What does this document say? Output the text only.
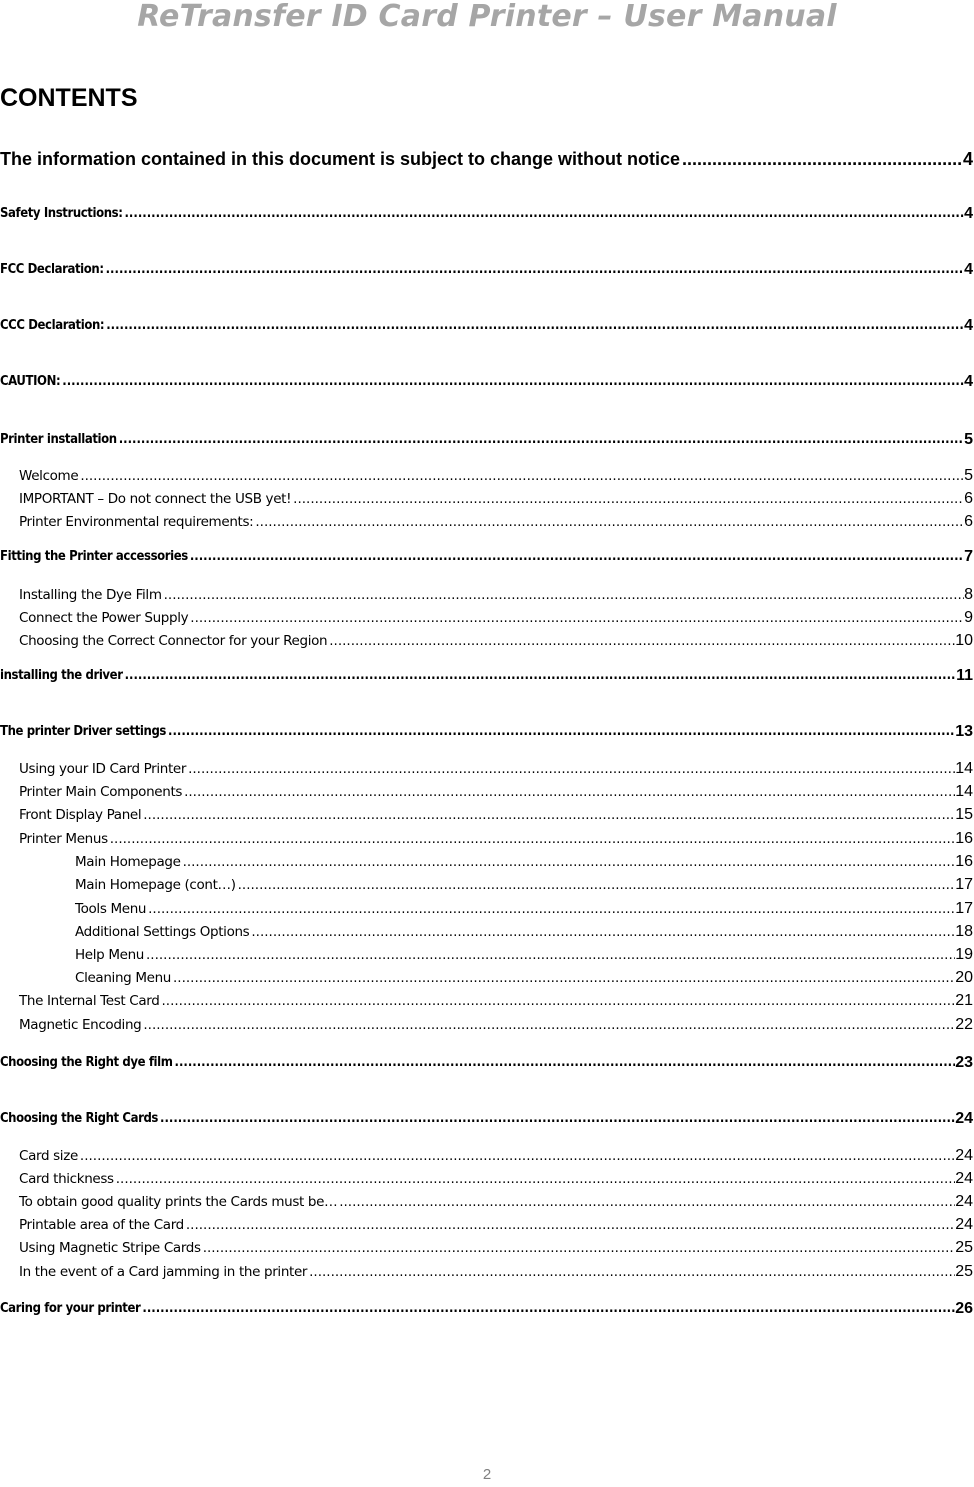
ReTransfer ID Card Printer – User Manual
CONTENTS
The information contained in this document is subject to change without notice .....	4
Safety Instructions: .....	4
FCC Declaration: .....	4
CCC Declaration: .....	4
CAUTION: .....	4
Printer installation .....	5
Welcome .....	5
IMPORTANT – Do not connect the USB yet! .....	6
Printer Environmental requirements: .....	6
Fitting the Printer accessories .....	7
Installing the Dye Film .....	8
Connect the Power Supply .....	9
Choosing the Correct Connector for your Region .....	10
installing the driver .....	11
The printer Driver settings .....	13
Using your ID Card Printer .....	14
Printer Main Components .....	14
Front Display Panel .....	15
Printer Menus .....	16
Main Homepage .....	16
Main Homepage (cont…) .....	17
Tools Menu .....	17
Additional Settings Options .....	18
Help Menu .....	19
Cleaning Menu .....	20
The Internal Test Card .....	21
Magnetic Encoding .....	22
Choosing the Right dye film .....	23
Choosing the Right Cards .....	24
Card size .....	24
Card thickness .....	24
To obtain good quality prints the Cards must be… .....	24
Printable area of the Card .....	24
Using Magnetic Stripe Cards .....	25
In the event of a Card jamming in the printer .....	25
Caring for your printer .....	26
2
